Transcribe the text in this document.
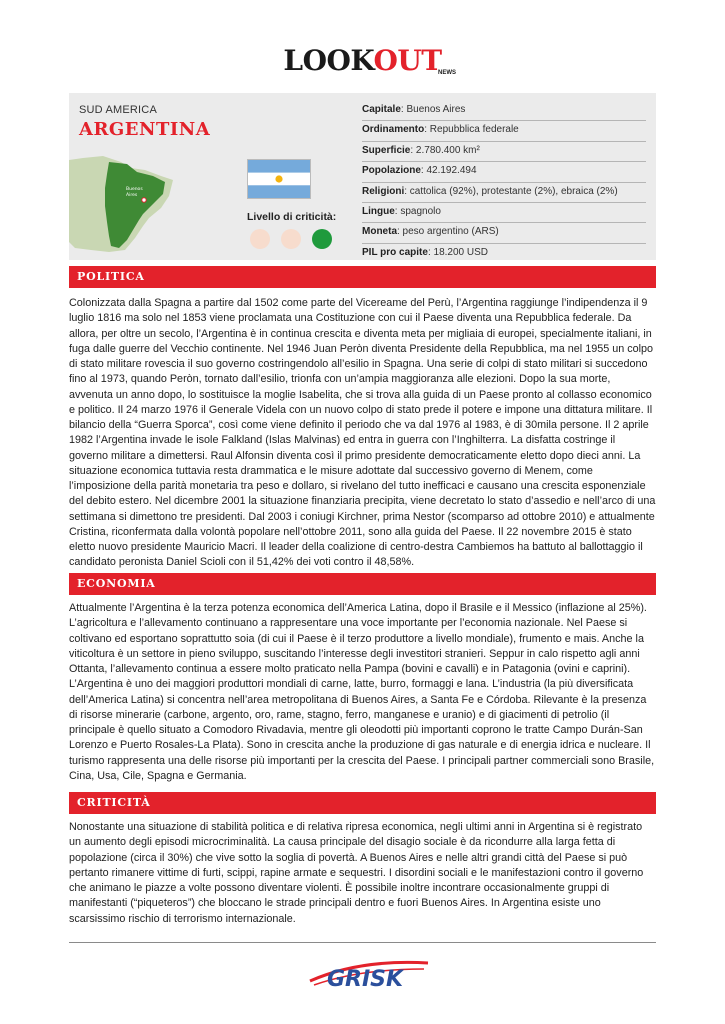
LOOKOUT
NEWS
SUD AMERICA
ARGENTINA
Buenos
Aires
Livello di criticità:
Capitale: Buenos Aires
Ordinamento: Repubblica federale
Superficie: 2.780.400 km²
Popolazione: 42.192.494
Religioni: cattolica (92%), protestante (2%), ebraica (2%)
Lingue: spagnolo
Moneta: peso argentino (ARS)
PIL pro capite: 18.200 USD
POLITICA

Colonizzata dalla Spagna a partire dal 1502 come parte del Vicereame del Perù, l’Argentina raggiunge l’indipendenza il 9 luglio 1816 ma solo nel 1853 viene proclamata una Costituzione con cui il Paese diventa una Repubblica federale. Da allora, per oltre un secolo, l’Argentina è in continua crescita e diventa meta per migliaia di europei, specialmente italiani, in fuga dalle guerre del Vecchio continente. Nel 1946 Juan Peròn diventa Presidente della Repubblica, ma nel 1955 un colpo di stato militare rovescia il suo governo costringendolo all’esilio in Spagna. Una serie di colpi di stato militari si succedono fino al 1973, quando Peròn, tornato dall’esilio, trionfa con un’ampia maggioranza alle elezioni. Dopo la sua morte, avvenuta un anno dopo, lo sostituisce la moglie Isabelita, che si trova alla guida di un Paese pronto al collasso economico e politico. Il 24 marzo 1976 il Generale Videla con un nuovo colpo di stato prede il potere e impone una dittatura militare. Il bilancio della “Guerra Sporca”, così come viene definito il periodo che va dal 1976 al 1983, è di 30mila persone. Il 2 aprile 1982 l’Argentina invade le isole Falkland (Islas Malvinas) ed entra in guerra con l’Inghilterra. La disfatta costringe il governo militare a dimettersi. Raul Alfonsin diventa così il primo presidente democraticamente eletto dopo dieci anni. La situazione economica tuttavia resta drammatica e le misure adottate dal successivo governo di Menem, come l’imposizione della parità monetaria tra peso e dollaro, si rivelano del tutto inefficaci e causano una crescita esponenziale del debito estero. Nel dicembre 2001 la situazione finanziaria precipita, viene decretato lo stato d’assedio e nell’arco di una settimana si dimettono tre presidenti. Dal 2003 i coniugi Kirchner, prima Nestor (scomparso ad ottobre 2010) e attualmente Cristina, riconfermata dalla volontà popolare nell’ottobre 2011, sono alla guida del Paese. Il 22 novembre 2015 è stato eletto nuovo presidente Mauricio Macri. Il leader della coalizione di centro-destra Cambiemos ha battuto al ballottaggio il candidato peronista Daniel Scioli con il 51,42% dei voti contro il 48,58%.

ECONOMIA

Attualmente l’Argentina è la terza potenza economica dell’America Latina, dopo il Brasile e il Messico (inflazione al 25%). L’agricoltura e l’allevamento continuano a rappresentare una voce importante per l’economia nazionale. Nel Paese si coltivano ed esportano soprattutto soia (di cui il Paese è il terzo produttore a livello mondiale), frumento e mais. Anche la viticoltura è un settore in pieno sviluppo, suscitando l’interesse degli investitori stranieri. Seppur in calo rispetto agli anni Ottanta, l’allevamento continua a essere molto praticato nella Pampa (bovini e cavalli) e in Patagonia (ovini e caprini). L’Argentina è uno dei maggiori produttori mondiali di carne, latte, burro, formaggi e lana. L’industria (la più diversificata dell’America Latina) si concentra nell’area metropolitana di Buenos Aires, a Santa Fe e Córdoba. Rilevante è la presenza di risorse minerarie (carbone, argento, oro, rame, stagno, ferro, manganese e uranio) e di giacimenti di petrolio (il principale è quello situato a Comodoro Rivadavia, mentre gli oleodotti più importanti coprono le tratte Campo Durán-San Lorenzo e Puerto Rosales-La Plata). Sono in crescita anche la produzione di gas naturale e di energia idrica e nucleare. Il turismo rappresenta una delle risorse più importanti per la crescita del Paese. I principali partner commerciali sono Brasile, Cina, Usa, Cile, Spagna e Germania.

CRITICITÀ

Nonostante una situazione di stabilità politica e di relativa ripresa economica, negli ultimi anni in Argentina si è registrato un aumento degli episodi microcriminalità. La causa principale del disagio sociale è da ricondurre alla larga fetta di popolazione (circa il 30%) che vive sotto la soglia di povertà. A Buenos Aires e nelle altri grandi città del Paese si può pertanto rimanere vittime di furti, scippi, rapine armate e sequestri. I disordini sociali e le manifestazioni contro il governo che animano le piazze a volte possono diventare violenti. È possibile inoltre incontrare occasionalmente gruppi di manifestanti (“piqueteros”) che bloccano le strade principali dentro e fuori Buenos Aires. In Argentina esiste uno scarsissimo rischio di terrorismo internazionale.

GRISK
